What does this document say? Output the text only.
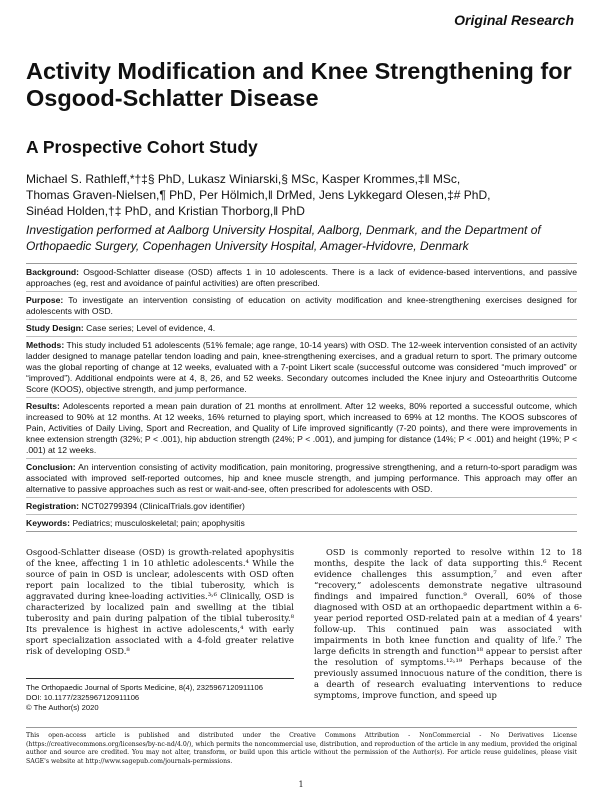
Original Research
Activity Modification and Knee Strengthening for Osgood-Schlatter Disease
A Prospective Cohort Study
Michael S. Rathleff,*†‡§ PhD, Lukasz Winiarski,§ MSc, Kasper Krommes,‡‖ MSc,
Thomas Graven-Nielsen,¶ PhD, Per Hölmich,‖ DrMed, Jens Lykkegard Olesen,‡# PhD,
Sinéad Holden,†‡ PhD, and Kristian Thorborg,‖ PhD
Investigation performed at Aalborg University Hospital, Aalborg, Denmark, and the Department of Orthopaedic Surgery, Copenhagen University Hospital, Amager-Hvidovre, Denmark

Background: Osgood-Schlatter disease (OSD) affects 1 in 10 adolescents. There is a lack of evidence-based interventions, and passive approaches (eg, rest and avoidance of painful activities) are often prescribed.

Purpose: To investigate an intervention consisting of education on activity modification and knee-strengthening exercises designed for adolescents with OSD.

Study Design: Case series; Level of evidence, 4.

Methods: This study included 51 adolescents (51% female; age range, 10-14 years) with OSD. The 12-week intervention consisted of an activity ladder designed to manage patellar tendon loading and pain, knee-strengthening exercises, and a gradual return to sport. The primary outcome was the global reporting of change at 12 weeks, evaluated with a 7-point Likert scale (successful outcome was considered “much improved” or “improved”). Additional endpoints were at 4, 8, 26, and 52 weeks. Secondary outcomes included the Knee injury and Osteoarthritis Outcome Score (KOOS), objective strength, and jump performance.

Results: Adolescents reported a mean pain duration of 21 months at enrollment. After 12 weeks, 80% reported a successful outcome, which increased to 90% at 12 months. At 12 weeks, 16% returned to playing sport, which increased to 69% at 12 months. The KOOS subscores of Pain, Activities of Daily Living, Sport and Recreation, and Quality of Life improved significantly (7-20 points), and there were improvements in knee extension strength (32%; P < .001), hip abduction strength (24%; P < .001), and jumping for distance (14%; P < .001) and height (19%; P < .001) at 12 weeks.

Conclusion: An intervention consisting of activity modification, pain monitoring, progressive strengthening, and a return-to-sport paradigm was associated with improved self-reported outcomes, hip and knee muscle strength, and jumping performance. This approach may offer an alternative to passive approaches such as rest or wait-and-see, often prescribed for adolescents with OSD.

Registration: NCT02799394 (ClinicalTrials.gov identifier)

Keywords: Pediatrics; musculoskeletal; pain; apophysitis

Osgood-Schlatter disease (OSD) is growth-related apophysitis of the knee, affecting 1 in 10 athletic adolescents.⁴ While the source of pain in OSD is unclear, adolescents with OSD often report pain localized to the tibial tuberosity, which is aggravated during knee-loading activities.³˒⁶ Clinically, OSD is characterized by localized pain and swelling at the tibial tuberosity and pain during palpation of the tibial tuberosity.⁸ Its prevalence is highest in active adolescents,⁴ with early sport specialization associated with a 4-fold greater relative risk of developing OSD.⁸

OSD is commonly reported to resolve within 12 to 18 months, despite the lack of data supporting this.⁶ Recent evidence challenges this assumption,⁷ and even after “recovery,” adolescents demonstrate negative ultrasound findings and impaired function.⁹ Overall, 60% of those diagnosed with OSD at an orthopaedic department within a 6-year period reported OSD-related pain at a median of 4 years' follow-up. This continued pain was associated with impairments in both knee function and quality of life.⁷ The large deficits in strength and function¹⁸ appear to persist after the resolution of symptoms.¹²˒¹⁹ Perhaps because of the previously assumed innocuous nature of the condition, there is a dearth of research evaluating interventions to reduce symptoms, improve function, and speed up

The Orthopaedic Journal of Sports Medicine, 8(4), 2325967120911106
DOI: 10.1177/2325967120911106
© The Author(s) 2020
This open-access article is published and distributed under the Creative Commons Attribution - NonCommercial - No Derivatives License (https://creativecommons.org/licenses/by-nc-nd/4.0/), which permits the noncommercial use, distribution, and reproduction of the article in any medium, provided the original author and source are credited. You may not alter, transform, or build upon this article without the permission of the Author(s). For article reuse guidelines, please visit SAGE's website at http://www.sagepub.com/journals-permissions.
1
